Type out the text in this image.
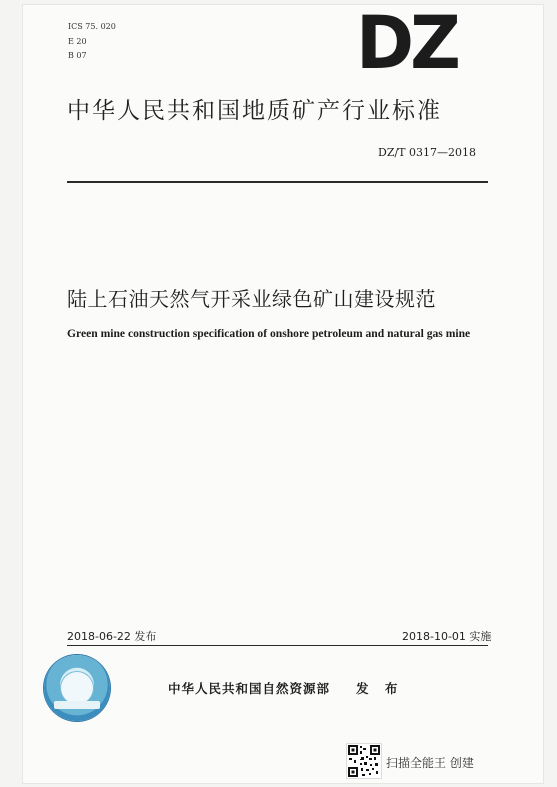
ICS 75. 020
E 20
B 07	DZ
中华人民共和国地质矿产行业标准
DZ/T 0317—2018
陆上石油天然气开采业绿色矿山建设规范
Green mine construction specification of onshore petroleum and natural gas mine
2018-06-22 发布	2018-10-01 实施
中华人民共和国自然资源部 发 布
扫描全能王 创建
